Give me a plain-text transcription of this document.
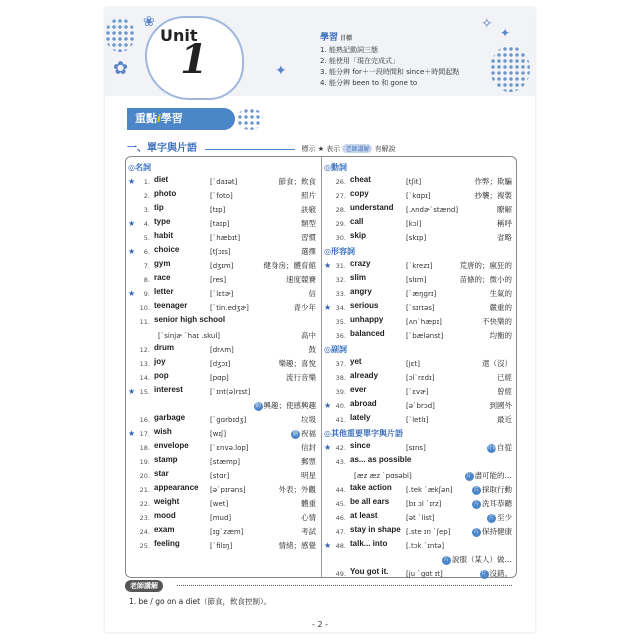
Unit
1
✿
❀
✦
✧
✦
學習 目標
1. 能熟記動詞三態
2. 能使用「現在完成式」
3. 能分辨 for＋一段時間和 since＋時間起點
4. 能分辨 been to 和 gone to
重點i學習
一、單字與片語	標示 ★ 表示 老師講解 有解說
◎名詞
★	1. diet	[ˋdaɪət]	節食；飲食
2. photo	[ˋfoto]	照片
3. tip	[tɪp]	訣竅
★	4. type	[taɪp]	類型
5. habit	[ˋhæbɪt]	習慣
★	6. choice	[tʃɔɪs]	選擇
7. gym	[dʒɪm]	健身房；體育館
8. race	[res]	速度競賽
★	9. letter	[ˋlɛtɚ]	信
10. teenager	[ˋtin.edʒɚ]	青少年
11. senior high school
[ˋsinjɚ ˋhaɪ .skul]	高中
12. drum	[drʌm]	鼓
13. joy	[dʒɔɪ]	樂趣；喜悅
14. pop	[pɑp]	流行音樂
★ 15. interest	[ˋɪnt(ə)rɪst]
動 興趣；使感興趣
16. garbage	[ˋgɑrbɪdʒ]	垃圾
★ 17. wish	[wɪʃ]	動 祝福
18. envelope	[ˋɛnvə.lop]	信封
19. stamp	[stæmp]	郵票
20. star	[stɑr]	明星
21. appearance [əˋpɪrəns]	外表；外觀
22. weight	[wet]	體重
23. mood	[mud]	心情
24. exam	[ɪgˋzæm]	考試
25. feeling	[ˋfilɪŋ]	情緒；感覺
◎動詞
26. cheat	[tʃit]	作弊；欺騙
27. copy	[ˋkɑpɪ]	抄襲；複製
28. understand [.ʌndɚˋstænd]	瞭解
29. call	[kɔl]	稱呼
30. skip	[skɪp]	省略
◎形容詞
★ 31. crazy	[ˋkrezɪ]	荒唐的；瘋狂的
32. slim	[slɪm]	苗條的；微小的
33. angry	[ˋæŋgrɪ]	生氣的
★ 34. serious	[ˋsɪrɪəs]	嚴重的
35. unhappy	[ʌnˋhæpɪ]	不快樂的
36. balanced	[ˋbælənst]	均衡的
◎副詞
37. yet	[jɛt]	還（沒）
38. already	[ɔlˋrɛdɪ]	已經
39. ever	[ˋɛvɚ]	曾經
★ 40. abroad	[əˋbrɔd]	到國外
41. lately	[ˋletlɪ]	最近
◎其他重要單字與片語
★ 42. since	[sɪns]	介連自從
43. as... as possible
[æz æz ˋpɑsəbl]	片 盡可能的…
44. take action [.tek ˋækʃən]	片 採取行動
45. be all ears [bɪ ɔl ˋɪrz]	片 洗耳恭聽
46. at least	[ət ˋlist]	片 至少
47. stay in shape [.ste ɪn ˋʃep]	片 保持健康
★ 48. talk... into	[.tɔk ˋɪntə]
片 說服（某人）做…
49. You got it. [ju ˋgɑt ɪt]	片 沒錯。
老師講解
1. be / go on a diet（節食，飲食控制）。
- 2 -
